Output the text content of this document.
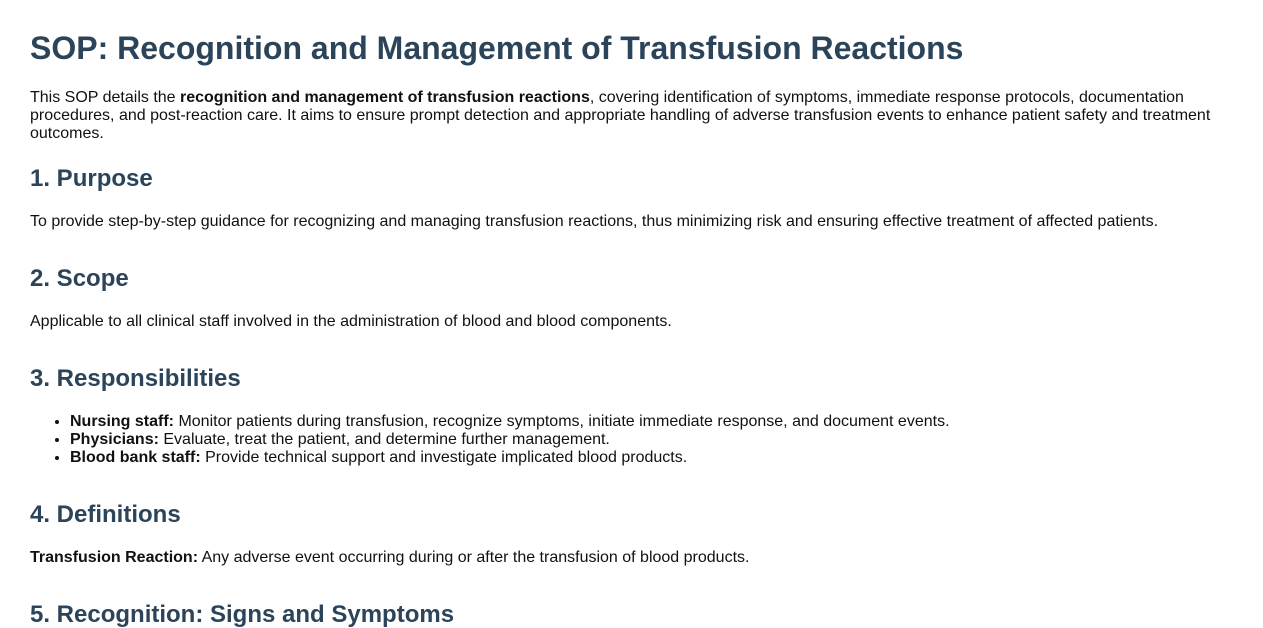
SOP: Recognition and Management of Transfusion Reactions

This SOP details the recognition and management of transfusion reactions, covering identification of symptoms, immediate response protocols, documentation procedures, and post-reaction care. It aims to ensure prompt detection and appropriate handling of adverse transfusion events to enhance patient safety and treatment outcomes.

1. Purpose

To provide step-by-step guidance for recognizing and managing transfusion reactions, thus minimizing risk and ensuring effective treatment of affected patients.

2. Scope

Applicable to all clinical staff involved in the administration of blood and blood components.

3. Responsibilities
• Nursing staff: Monitor patients during transfusion, recognize symptoms, initiate immediate response, and document events.
• Physicians: Evaluate, treat the patient, and determine further management.
• Blood bank staff: Provide technical support and investigate implicated blood products.
4. Definitions

Transfusion Reaction: Any adverse event occurring during or after the transfusion of blood products.

5. Recognition: Signs and Symptoms
